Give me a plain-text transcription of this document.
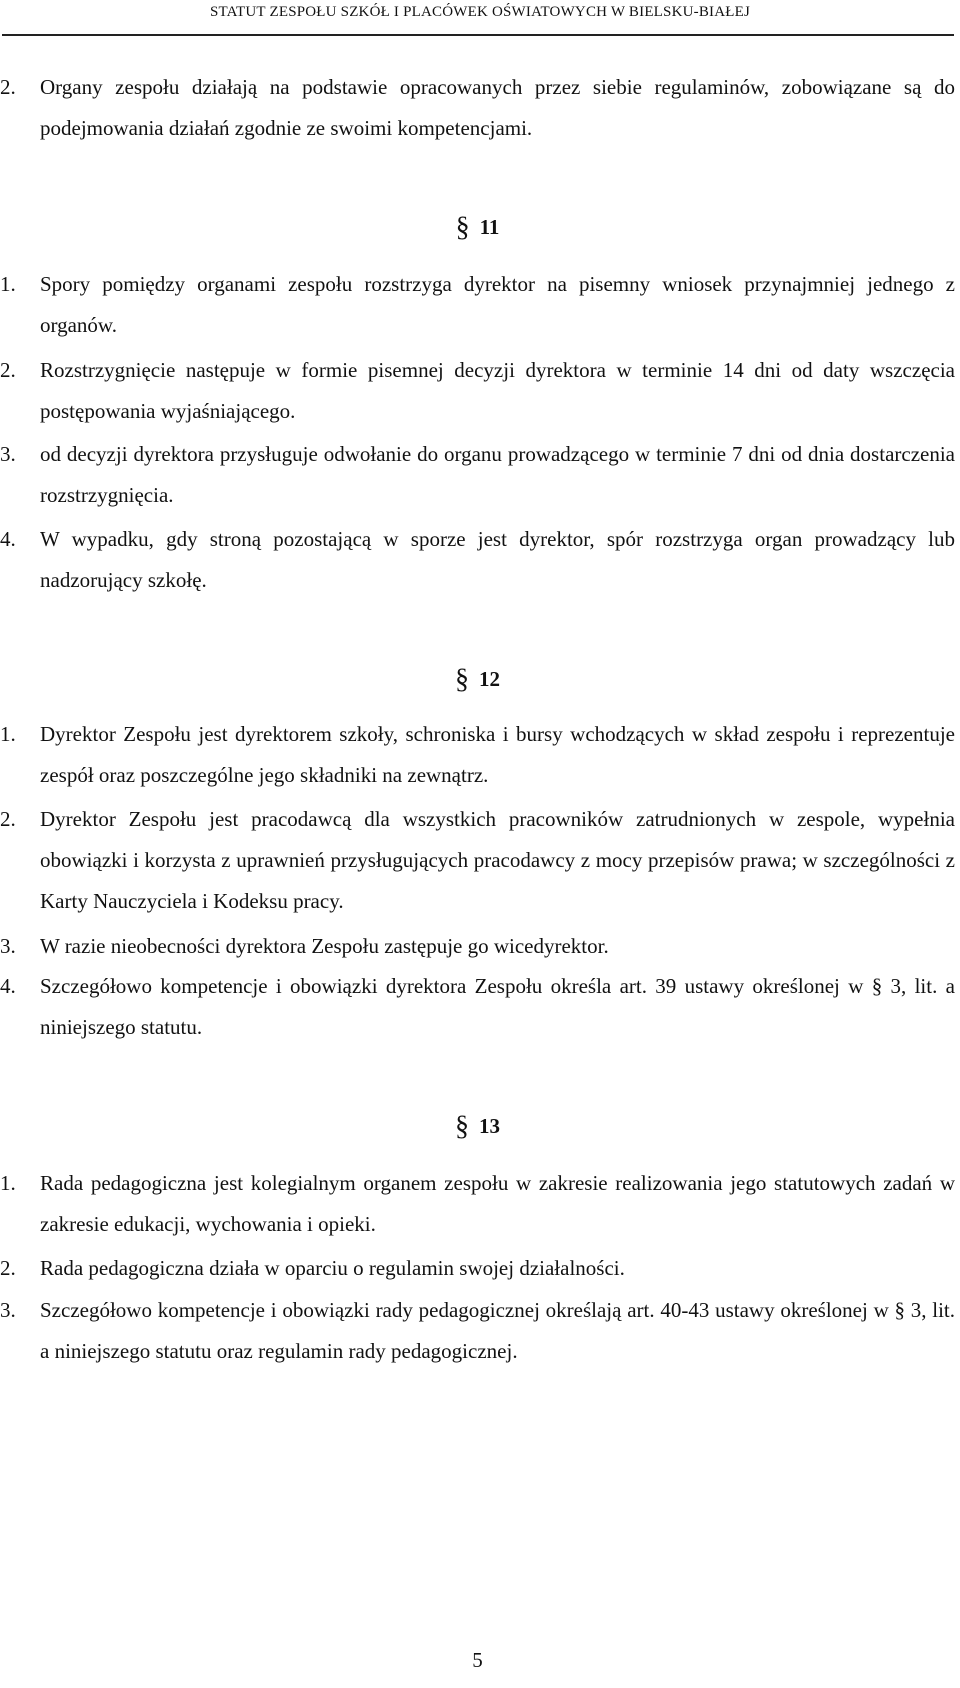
STATUT ZESPOŁU SZKÓŁ I PLACÓWEK OŚWIATOWYCH W BIELSKU-BIAŁEJ
2.	Organy zespołu działają na podstawie opracowanych przez siebie regulaminów, zobowiązane są do podejmowania działań zgodnie ze swoimi kompetencjami.
§ 11
1.	Spory pomiędzy organami zespołu rozstrzyga dyrektor na pisemny wniosek przynajmniej jednego z organów.
2.	Rozstrzygnięcie następuje w formie pisemnej decyzji dyrektora w terminie 14 dni od daty wszczęcia postępowania wyjaśniającego.
3.	od decyzji dyrektora przysługuje odwołanie do organu prowadzącego w terminie 7 dni od dnia dostarczenia rozstrzygnięcia.
4.	W wypadku, gdy stroną pozostającą w sporze jest dyrektor, spór rozstrzyga organ prowadzący lub nadzorujący szkołę.
§ 12
1.	Dyrektor Zespołu jest dyrektorem szkoły, schroniska i bursy wchodzących w skład zespołu i reprezentuje zespół oraz poszczególne jego składniki na zewnątrz.
2.	Dyrektor Zespołu jest pracodawcą dla wszystkich pracowników zatrudnionych w zespole, wypełnia obowiązki i korzysta z uprawnień przysługujących pracodawcy z mocy przepisów prawa; w szczególności z Karty Nauczyciela i Kodeksu pracy.
3.	W razie nieobecności dyrektora Zespołu zastępuje go wicedyrektor.
4.	Szczegółowo kompetencje i obowiązki dyrektora Zespołu określa art. 39 ustawy określonej w § 3, lit. a niniejszego statutu.
§ 13
1.	Rada pedagogiczna jest kolegialnym organem zespołu w zakresie realizowania jego statutowych zadań w zakresie edukacji, wychowania i opieki.
2.	Rada pedagogiczna działa w oparciu o regulamin swojej działalności.
3.	Szczegółowo kompetencje i obowiązki rady pedagogicznej określają art. 40-43 ustawy określonej w § 3, lit. a niniejszego statutu oraz regulamin rady pedagogicznej.
5
